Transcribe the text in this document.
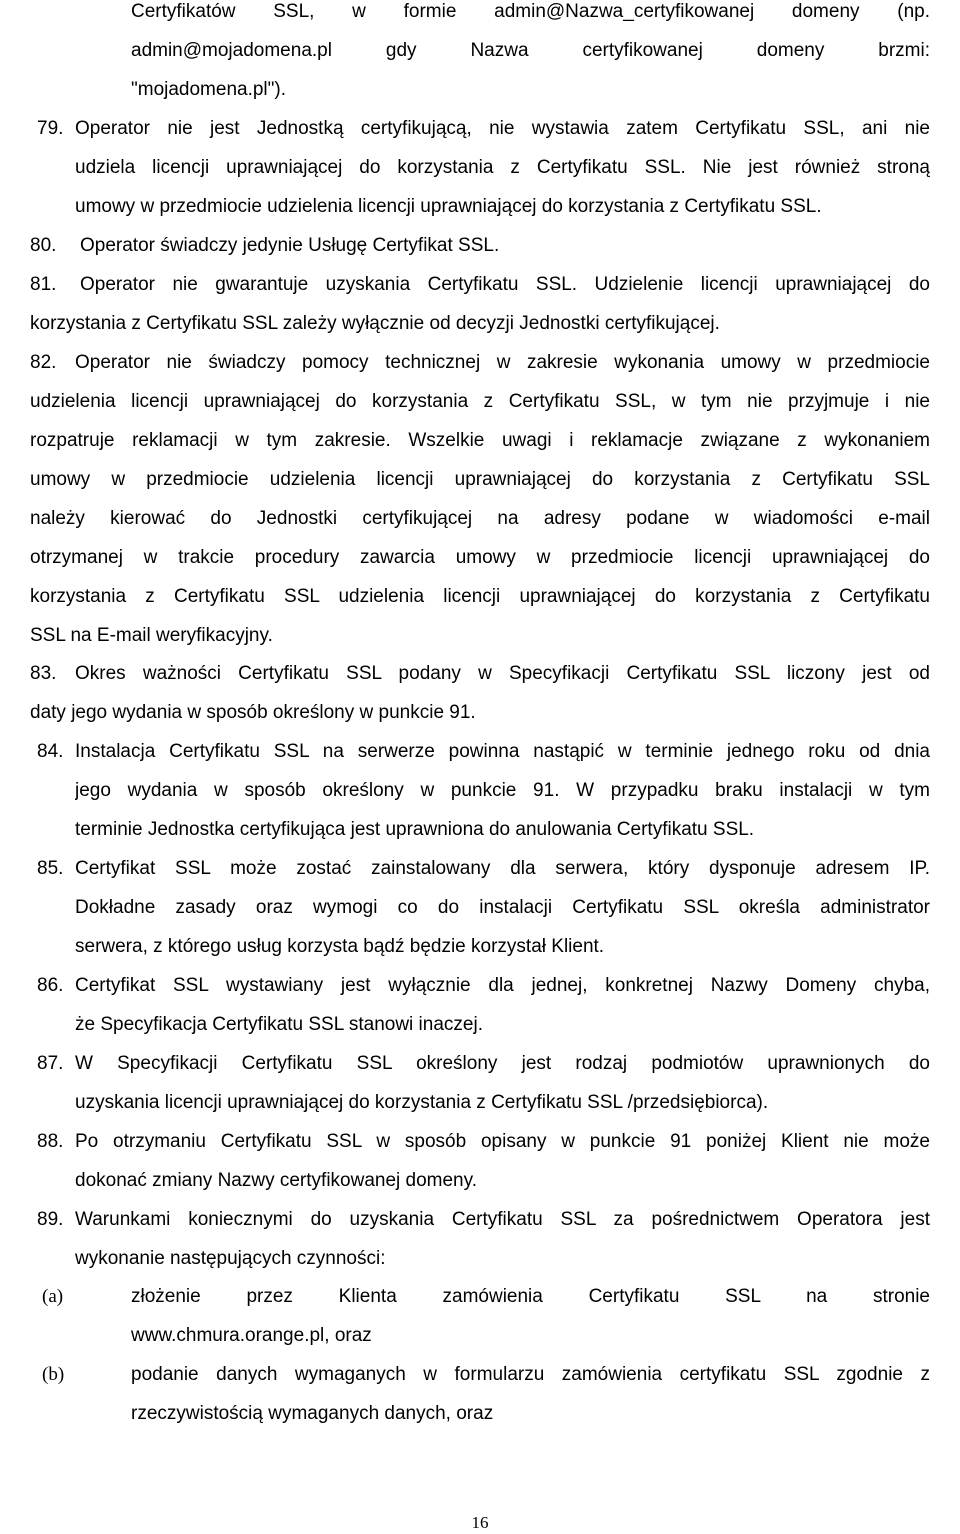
Certyfikatów SSL, w formie admin@Nazwa_certyfikowanej domeny (np.
admin@mojadomena.pl gdy Nazwa certyfikowanej domeny brzmi:
"mojadomena.pl").
79. Operator nie jest Jednostką certyfikującą, nie wystawia zatem Certyfikatu SSL, ani nie
udziela licencji uprawniającej do korzystania z Certyfikatu SSL. Nie jest również stroną
umowy w przedmiocie udzielenia licencji uprawniającej do korzystania z Certyfikatu SSL.
80. Operator świadczy jedynie Usługę Certyfikat SSL.
81. Operator nie gwarantuje uzyskania Certyfikatu SSL. Udzielenie licencji uprawniającej do
korzystania z Certyfikatu SSL zależy wyłącznie od decyzji Jednostki certyfikującej.
82. Operator nie świadczy pomocy technicznej w zakresie wykonania umowy w przedmiocie
udzielenia licencji uprawniającej do korzystania z Certyfikatu SSL, w tym nie przyjmuje i nie
rozpatruje reklamacji w tym zakresie. Wszelkie uwagi i reklamacje związane z wykonaniem
umowy w przedmiocie udzielenia licencji uprawniającej do korzystania z Certyfikatu SSL
należy kierować do Jednostki certyfikującej na adresy podane w wiadomości e-mail
otrzymanej w trakcie procedury zawarcia umowy w przedmiocie licencji uprawniającej do
korzystania z Certyfikatu SSL udzielenia licencji uprawniającej do korzystania z Certyfikatu
SSL na E-mail weryfikacyjny.
83. Okres ważności Certyfikatu SSL podany w Specyfikacji Certyfikatu SSL liczony jest od
daty jego wydania w sposób określony w punkcie 91.
84. Instalacja Certyfikatu SSL na serwerze powinna nastąpić w terminie jednego roku od dnia
jego wydania w sposób określony w punkcie 91. W przypadku braku instalacji w tym
terminie Jednostka certyfikująca jest uprawniona do anulowania Certyfikatu SSL.
85. Certyfikat SSL może zostać zainstalowany dla serwera, który dysponuje adresem IP.
Dokładne zasady oraz wymogi co do instalacji Certyfikatu SSL określa administrator
serwera, z którego usług korzysta bądź będzie korzystał Klient.
86. Certyfikat SSL wystawiany jest wyłącznie dla jednej, konkretnej Nazwy Domeny chyba,
że Specyfikacja Certyfikatu SSL stanowi inaczej.
87. W Specyfikacji Certyfikatu SSL określony jest rodzaj podmiotów uprawnionych do
uzyskania licencji uprawniającej do korzystania z Certyfikatu SSL /przedsiębiorca).
88. Po otrzymaniu Certyfikatu SSL w sposób opisany w punkcie 91 poniżej Klient nie może
dokonać zmiany Nazwy certyfikowanej domeny.
89. Warunkami koniecznymi do uzyskania Certyfikatu SSL za pośrednictwem Operatora jest
wykonanie następujących czynności:
(a)	złożenie przez Klienta zamówienia Certyfikatu SSL na stronie
www.chmura.orange.pl, oraz
(b)	podanie danych wymaganych w formularzu zamówienia certyfikatu SSL zgodnie z
rzeczywistością wymaganych danych, oraz
16
